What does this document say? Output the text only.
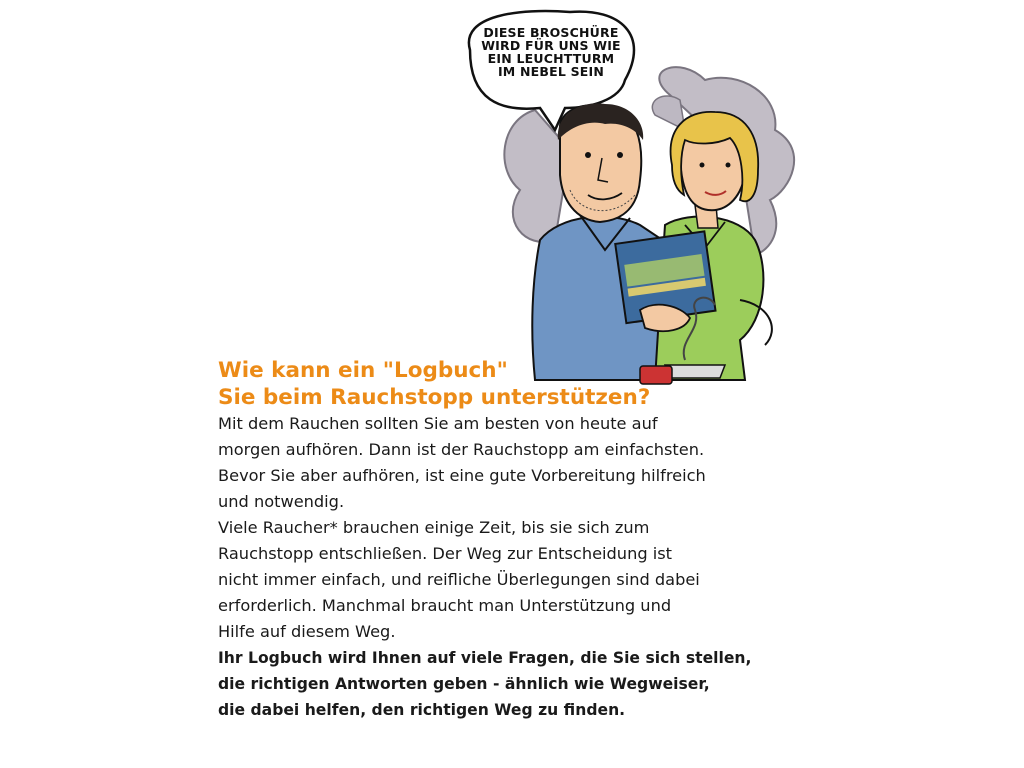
DIESE BROSCHÜRE
WIRD FÜR UNS WIE
EIN LEUCHTTURM
IM NEBEL SEIN
Wie kann ein "Logbuch"
Sie beim Rauchstopp unterstützen?

Mit dem Rauchen sollten Sie am besten von heute auf
morgen aufhören. Dann ist der Rauchstopp am einfachsten.
Bevor Sie aber aufhören, ist eine gute Vorbereitung hilfreich
und notwendig.

Viele Raucher* brauchen einige Zeit, bis sie sich zum
Rauchstopp entschließen. Der Weg zur Entscheidung ist
nicht immer einfach, und reifliche Überlegungen sind dabei
erforderlich. Manchmal braucht man Unterstützung und
Hilfe auf diesem Weg.

Ihr Logbuch wird Ihnen auf viele Fragen, die Sie sich stellen,
die richtigen Antworten geben - ähnlich wie Wegweiser,
die dabei helfen, den richtigen Weg zu finden.
